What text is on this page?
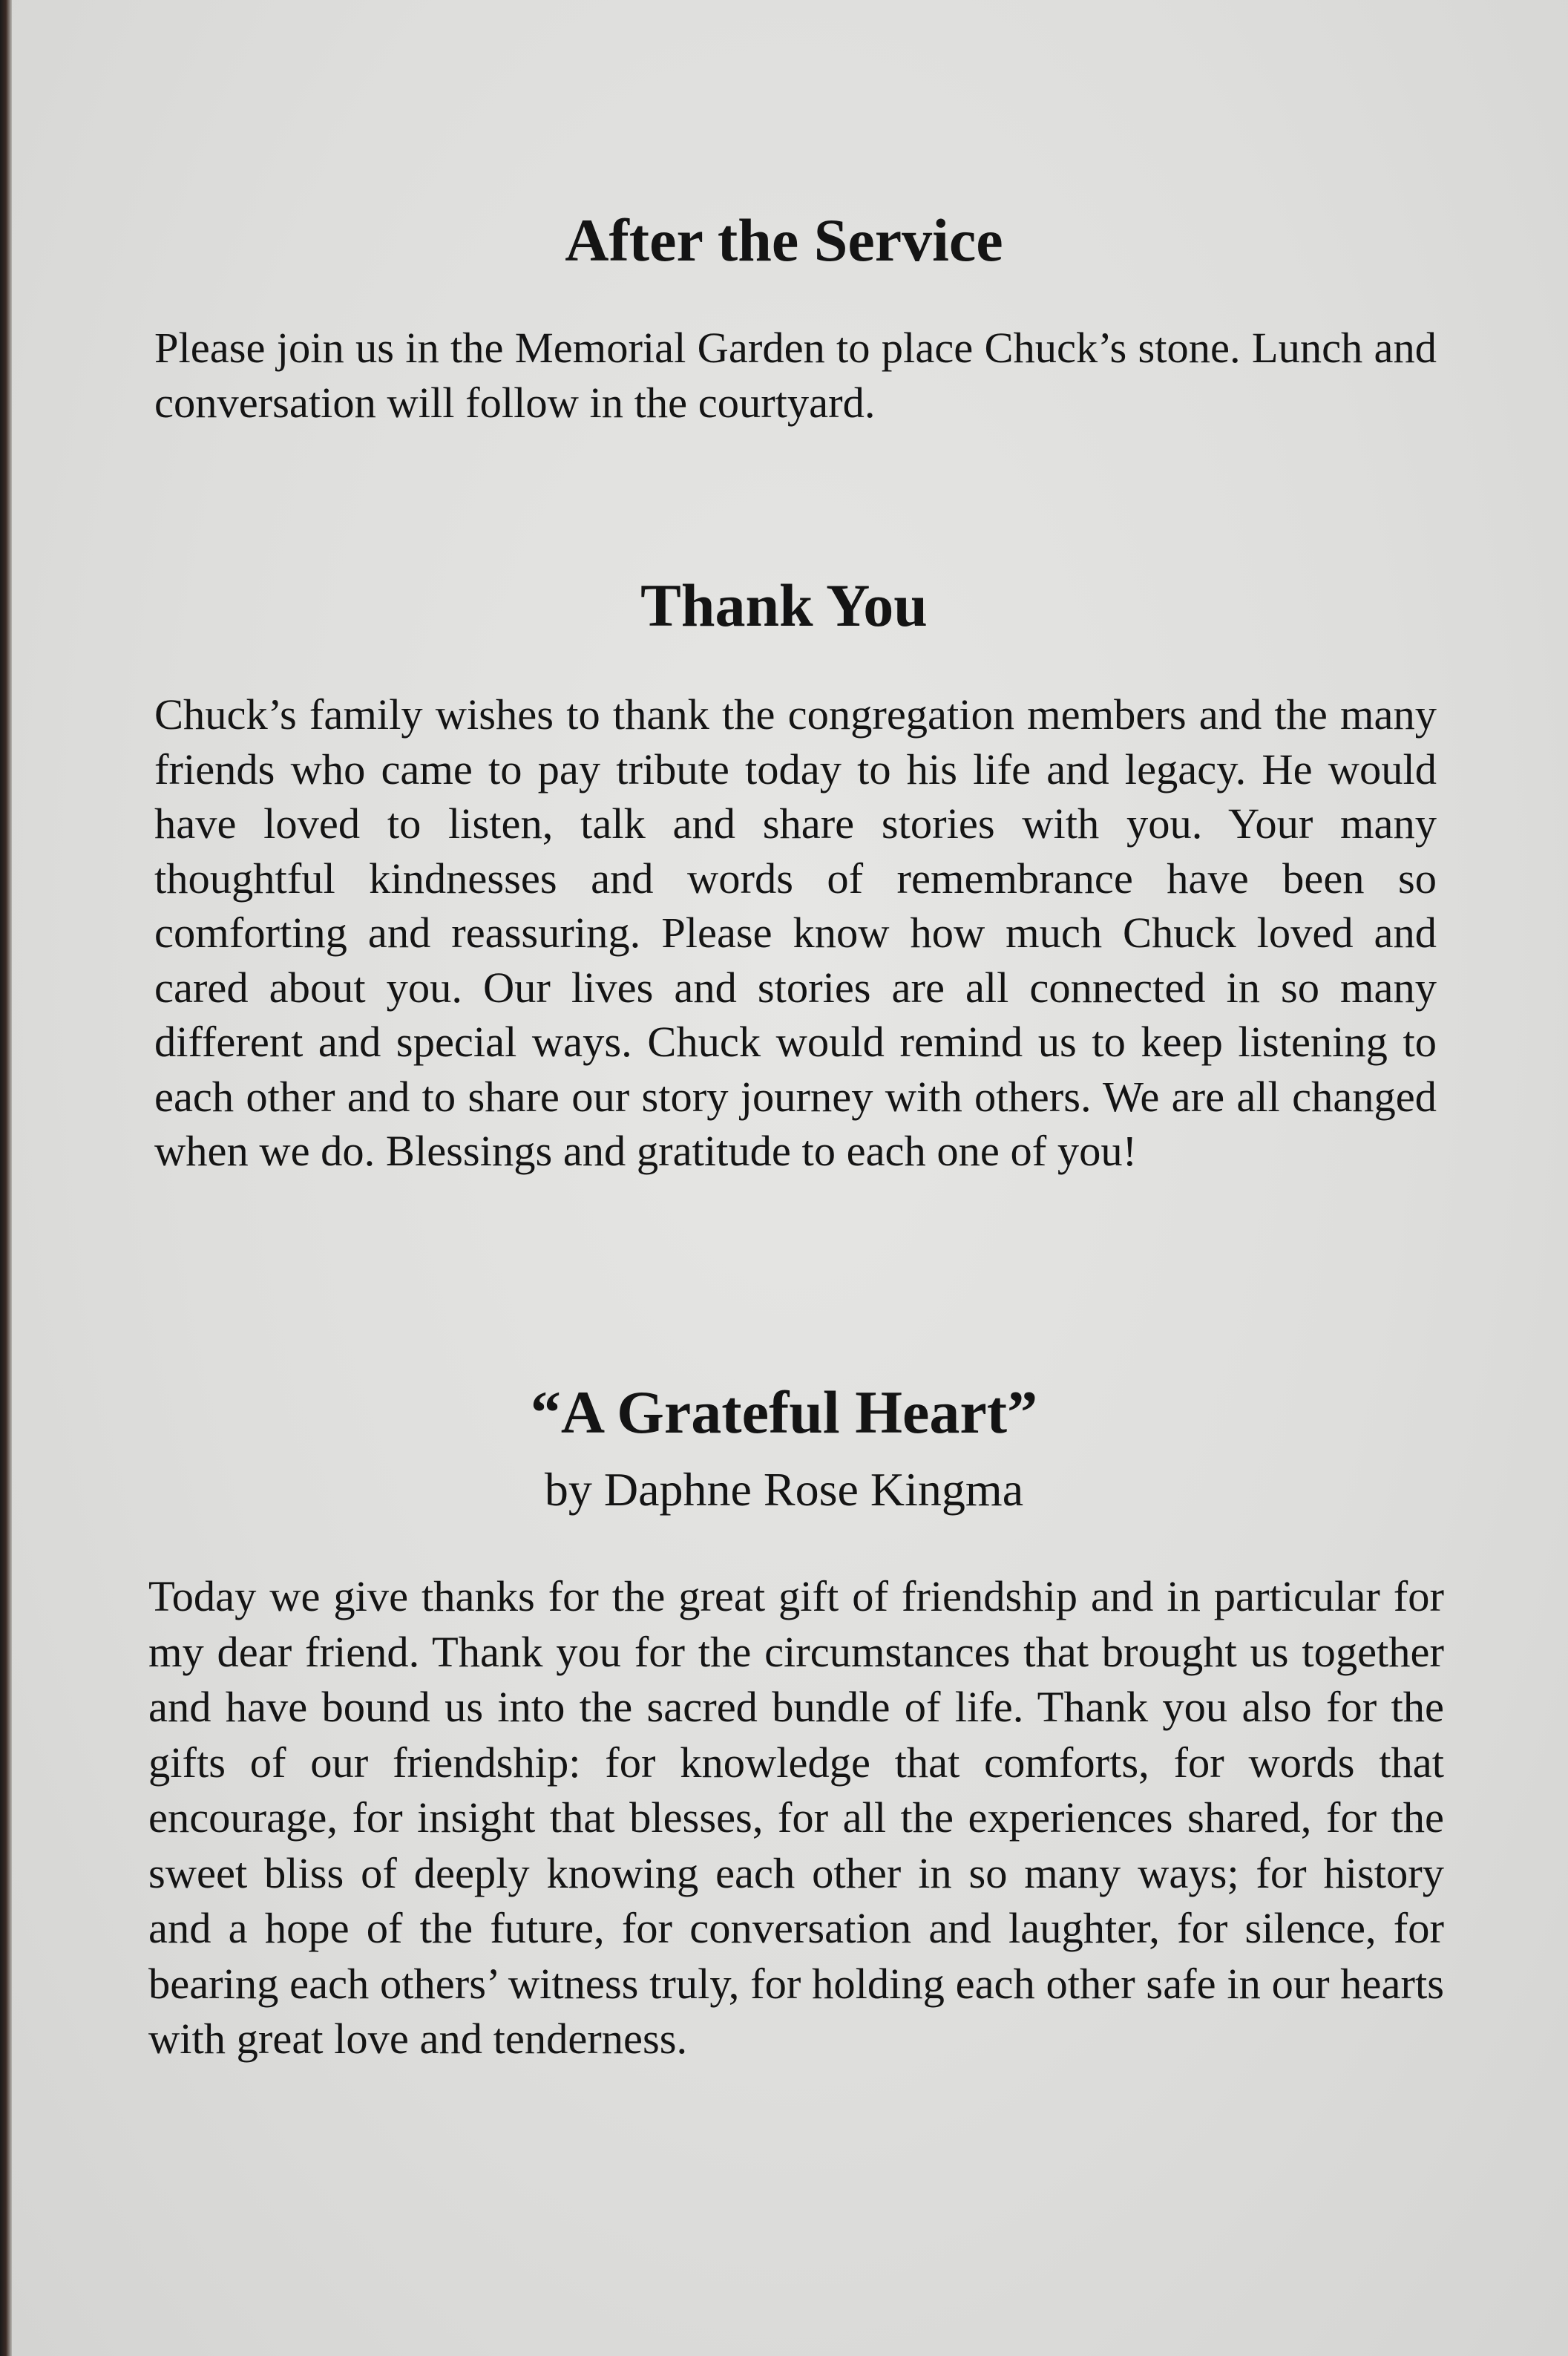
After the Service

Please join us in the Memorial Garden to place Chuck’s stone. Lunch and conversation will follow in the courtyard.

Thank You

Chuck’s family wishes to thank the congregation members and the many friends who came to pay tribute today to his life and legacy. He would have loved to listen, talk and share stories with you. Your many thoughtful kindnesses and words of remembrance have been so comforting and reassuring. Please know how much Chuck loved and cared about you. Our lives and stories are all connected in so many different and special ways. Chuck would remind us to keep listening to each other and to share our story journey with others. We are all changed when we do. Blessings and gratitude to each one of you!

“A Grateful Heart”

by Daphne Rose Kingma

Today we give thanks for the great gift of friendship and in particular for my dear friend. Thank you for the circumstances that brought us together and have bound us into the sacred bundle of life. Thank you also for the gifts of our friendship: for knowledge that comforts, for words that encourage, for insight that blesses, for all the experiences shared, for the sweet bliss of deeply knowing each other in so many ways; for history and a hope of the future, for conversation and laughter, for silence, for bearing each others’ witness truly, for holding each other safe in our hearts with great love and tenderness.
